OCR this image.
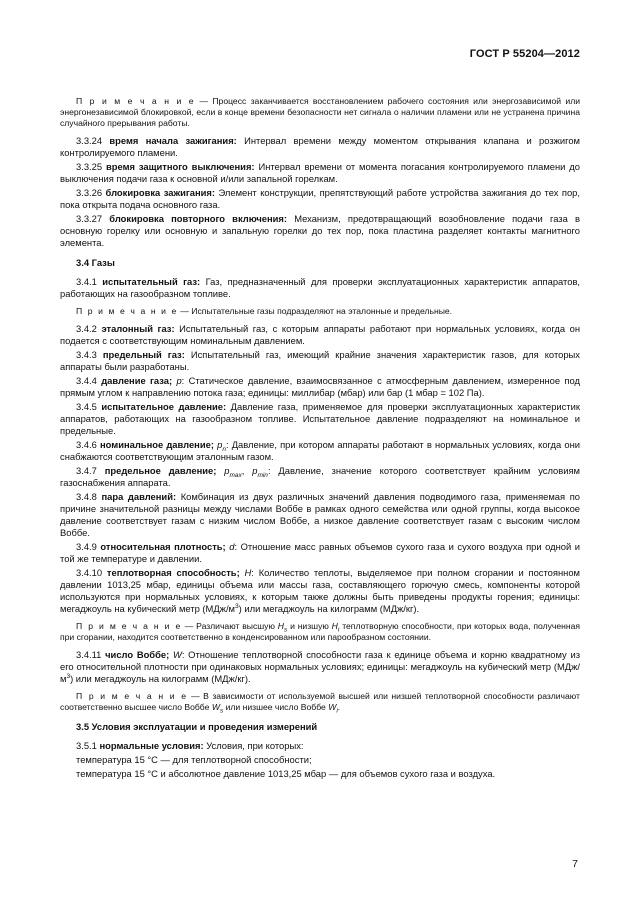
ГОСТ Р 55204—2012

П р и м е ч а н и е — Процесс заканчивается восстановлением рабочего состояния или энергозависимой или энергонезависимой блокировкой, если в конце времени безопасности нет сигнала о наличии пламени или не устранена причина случайного прерывания работы.

3.3.24 время начала зажигания: Интервал времени между моментом открывания клапана и розжигом контролируемого пламени.

3.3.25 время защитного выключения: Интервал времени от момента погасания контролируемого пламени до выключения подачи газа к основной и/или запальной горелкам.

3.3.26 блокировка зажигания: Элемент конструкции, препятствующий работе устройства зажигания до тех пор, пока открыта подача основного газа.

3.3.27 блокировка повторного включения: Механизм, предотвращающий возобновление подачи газа в основную горелку или основную и запальную горелки до тех пор, пока пластина разделяет контакты магнитного элемента.

3.4 Газы

3.4.1 испытательный газ: Газ, предназначенный для проверки эксплуатационных характеристик аппаратов, работающих на газообразном топливе.

П р и м е ч а н и е — Испытательные газы подразделяют на эталонные и предельные.

3.4.2 эталонный газ: Испытательный газ, с которым аппараты работают при нормальных условиях, когда он подается с соответствующим номинальным давлением.

3.4.3 предельный газ: Испытательный газ, имеющий крайние значения характеристик газов, для которых аппараты были разработаны.

3.4.4 давление газа; p: Статическое давление, взаимосвязанное с атмосферным давлением, измеренное под прямым углом к направлению потока газа; единицы: миллибар (мбар) или бар (1 мбар = 102 Па).

3.4.5 испытательное давление: Давление газа, применяемое для проверки эксплуатационных характеристик аппаратов, работающих на газообразном топливе. Испытательное давление подразделяют на номинальное и предельные.

3.4.6 номинальное давление; $p_n$: Давление, при котором аппараты работают в нормальных условиях, когда они снабжаются соответствующим эталонным газом.

3.4.7 предельное давление; $p_{max}$, $p_{min}$: Давление, значение которого соответствует крайним условиям газоснабжения аппарата.

3.4.8 пара давлений: Комбинация из двух различных значений давления подводимого газа, применяемая по причине значительной разницы между числами Воббе в рамках одного семейства или одной группы, когда высокое давление соответствует газам с низким числом Воббе, а низкое давление соответствует газам с высоким числом Воббе.

3.4.9 относительная плотность; d: Отношение масс равных объемов сухого газа и сухого воздуха при одной и той же температуре и давлении.

3.4.10 теплотворная способность; H: Количество теплоты, выделяемое при полном сгорании и постоянном давлении 1013,25 мбар, единицы объема или массы газа, составляющего горючую смесь, компоненты которой используются при нормальных условиях, к которым также должны быть приведены продукты горения; единицы: мегаджоуль на кубический метр $(МДж/м^3)$ или мегаджоуль на килограмм (МДж/кг).

П р и м е ч а н и е — Различают высшую $H_s$ и низшую $H_i$ теплотворную способности, при которых вода, полученная при сгорании, находится соответственно в конденсированном или парообразном состоянии.

3.4.11 число Воббе; W: Отношение теплотворной способности газа к единице объема и корню квадратному из его относительной плотности при одинаковых нормальных условиях; единицы: мегаджоуль на кубический метр $(МДж/м^3)$ или мегаджоуль на килограмм (МДж/кг).

П р и м е ч а н и е — В зависимости от используемой высшей или низшей теплотворной способности различают соответственно высшее число Воббе $W_s$ или низшее число Воббе $W_i$.

3.5 Условия эксплуатации и проведения измерений

3.5.1 нормальные условия: Условия, при которых:

температура 15 °С — для теплотворной способности;

температура 15 °С и абсолютное давление 1013,25 мбар — для объемов сухого газа и воздуха.

7
